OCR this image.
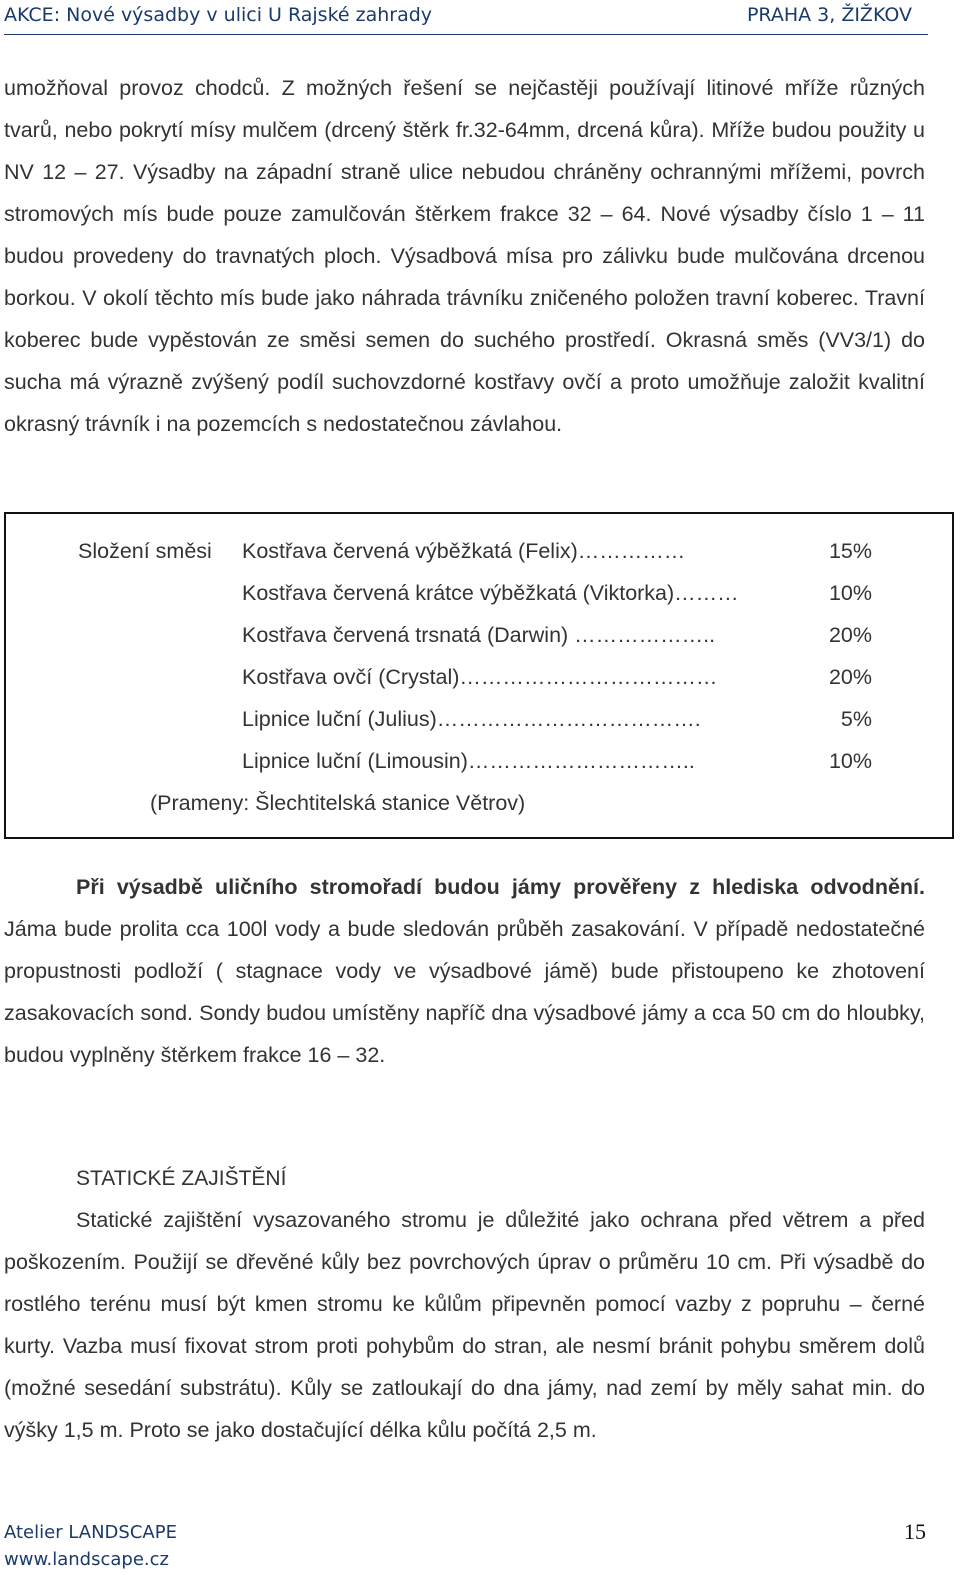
AKCE: Nové výsadby v ulici U Rajské zahrady	PRAHA 3, ŽIŽKOV

umožňoval provoz chodců. Z možných řešení se nejčastěji používají litinové mříže různých tvarů, nebo pokrytí mísy mulčem (drcený štěrk fr.32-64mm, drcená kůra). Mříže budou použity u NV 12 – 27. Výsadby na západní straně ulice nebudou chráněny ochrannými mřížemi, povrch stromových mís bude pouze zamulčován štěrkem frakce 32 – 64. Nové výsadby číslo 1 – 11 budou provedeny do travnatých ploch. Výsadbová mísa pro zálivku bude mulčována drcenou borkou. V okolí těchto mís bude jako náhrada trávníku zničeného položen travní koberec. Travní koberec bude vypěstován ze směsi semen do suchého prostředí. Okrasná směs (VV3/1) do sucha má výrazně zvýšený podíl suchovzdorné kostřavy ovčí a proto umožňuje založit kvalitní okrasný trávník i na pozemcích s nedostatečnou závlahou.

Složení směsi Kostřava červená výběžkatá (Felix)……………	15%
Kostřava červená krátce výběžkatá (Viktorka)………	10%
Kostřava červená trsnatá (Darwin) ………………..	20%
Kostřava ovčí (Crystal)………………………………	20%
Lipnice luční (Julius)……………………………….	5%
Lipnice luční (Limousin)…………………………..	10%
(Prameny: Šlechtitelská stanice Větrov)

Při výsadbě uličního stromořadí budou jámy prověřeny z hlediska odvodnění. Jáma bude prolita cca 100l vody a bude sledován průběh zasakování. V případě nedostatečné propustnosti podloží ( stagnace vody ve výsadbové jámě) bude přistoupeno ke zhotovení zasakovacích sond. Sondy budou umístěny napříč dna výsadbové jámy a cca 50 cm do hloubky, budou vyplněny štěrkem frakce 16 – 32.

STATICKÉ ZAJIŠTĚNÍ

Statické zajištění vysazovaného stromu je důležité jako ochrana před větrem a před poškozením. Použijí se dřevěné kůly bez povrchových úprav o průměru 10 cm. Při výsadbě do rostlého terénu musí být kmen stromu ke kůlům připevněn pomocí vazby z popruhu – černé kurty. Vazba musí fixovat strom proti pohybům do stran, ale nesmí bránit pohybu směrem dolů (možné sesedání substrátu). Kůly se zatloukají do dna jámy, nad zemí by měly sahat min. do výšky 1,5 m. Proto se jako dostačující délka kůlu počítá 2,5 m.

Atelier LANDSCAPE
www.landscape.cz
15
